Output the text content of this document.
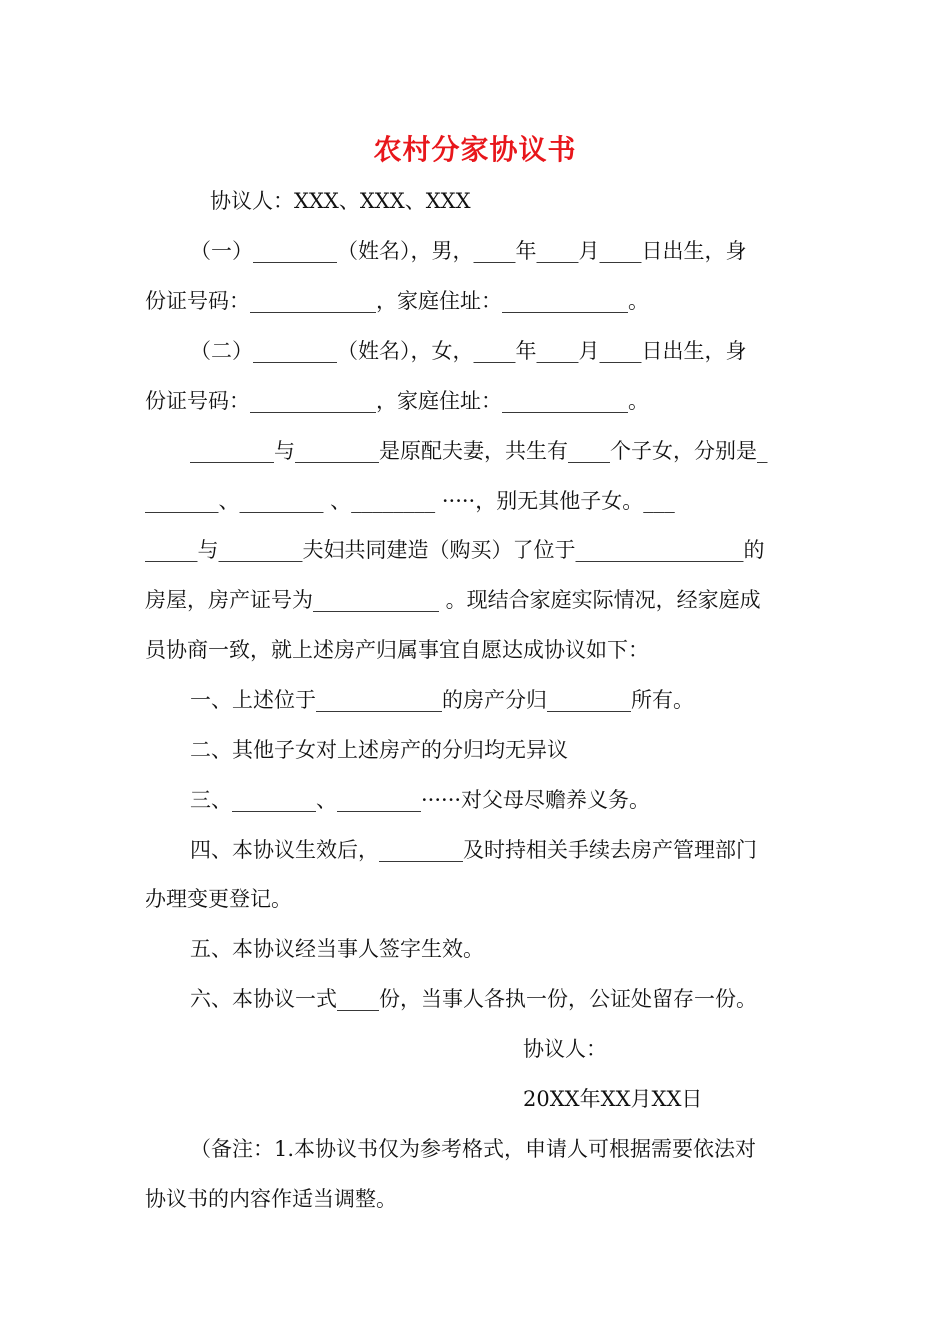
农村分家协议书
协议人：XXX、XXX、XXX
（一）________（姓名），男，____年____月____日出生，身
份证号码：____________，家庭住址：____________。
（二）________（姓名），女，____年____月____日出生，身
份证号码：____________，家庭住址：____________。
________与________是原配夫妻，共生有____个子女，分别是_
_______、________ 、________ ·····，别无其他子女。___
_____与________夫妇共同建造（购买）了位于________________的
房屋，房产证号为____________ 。现结合家庭实际情况，经家庭成
员协商一致，就上述房产归属事宜自愿达成协议如下：
一、上述位于____________的房产分归________所有。
二、其他子女对上述房产的分归均无异议
三、________、________······对父母尽赡养义务。
四、本协议生效后，________及时持相关手续去房产管理部门
办理变更登记。
五、本协议经当事人签字生效。
六、本协议一式____份，当事人各执一份，公证处留存一份。
协议人：
20XX年XX月XX日
（备注：1.本协议书仅为参考格式，申请人可根据需要依法对
协议书的内容作适当调整。
